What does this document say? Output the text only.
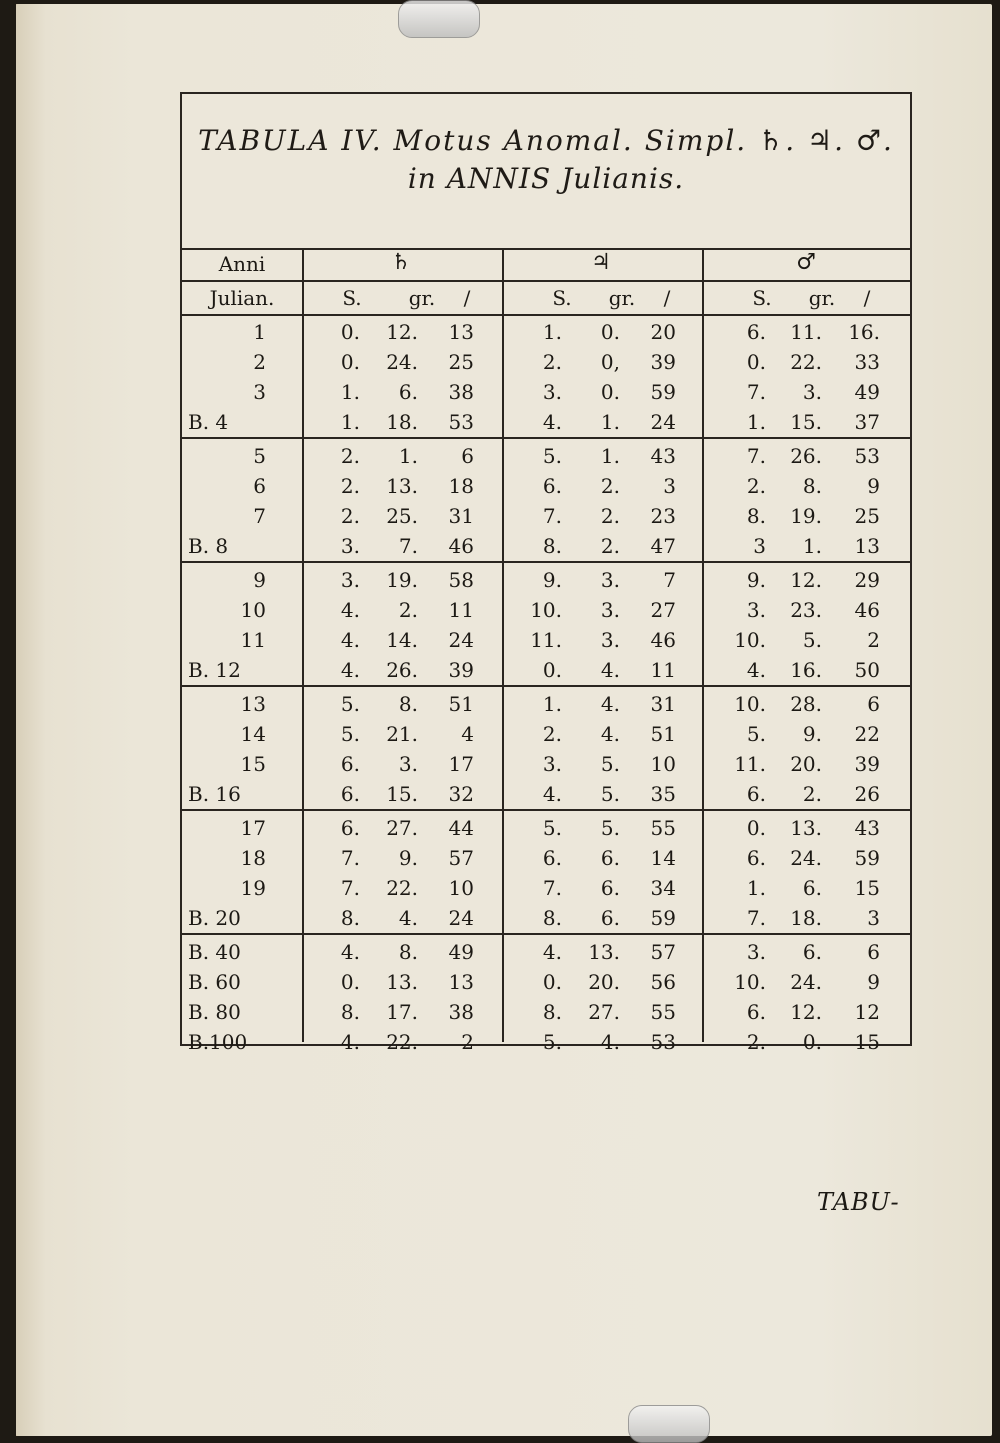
TABULA IV. Motus Anomal. Simpl. ♄. ♃. ♂.
in ANNIS Julianis.
Anni	♄	♃	♂
Julian.	S.	gr.	/	S.	gr.	/	S.	gr.	/
1	0.	12.	13	1.	0.	20	6.	11.	16.
2	0.	24.	25	2.	0,	39	0.	22.	33
3	1.	6.	38	3.	0.	59	7.	3.	49
B. 4	1.	18.	53	4.	1.	24	1.	15.	37
5	2.	1.	6	5.	1.	43	7.	26.	53
6	2.	13.	18	6.	2.	3	2.	8.	9
7	2.	25.	31	7.	2.	23	8.	19.	25
B. 8	3.	7.	46	8.	2.	47	3	1.	13
9	3.	19.	58	9.	3.	7	9.	12.	29
10	4.	2.	11	10.	3.	27	3.	23.	46
11	4.	14.	24	11.	3.	46	10.	5.	2
B. 12	4.	26.	39	0.	4.	11	4.	16.	50
13	5.	8.	51	1.	4.	31	10.	28.	6
14	5.	21.	4	2.	4.	51	5.	9.	22
15	6.	3.	17	3.	5.	10	11.	20.	39
B. 16	6.	15.	32	4.	5.	35	6.	2.	26
17	6.	27.	44	5.	5.	55	0.	13.	43
18	7.	9.	57	6.	6.	14	6.	24.	59
19	7.	22.	10	7.	6.	34	1.	6.	15
B. 20	8.	4.	24	8.	6.	59	7.	18.	3
B. 40	4.	8.	49	4.	13.	57	3.	6.	6
B. 60	0.	13.	13	0.	20.	56	10.	24.	9
B. 80	8.	17.	38	8.	27.	55	6.	12.	12
B.100	4.	22.	2	5.	4.	53	2.	0.	15
TABU-
